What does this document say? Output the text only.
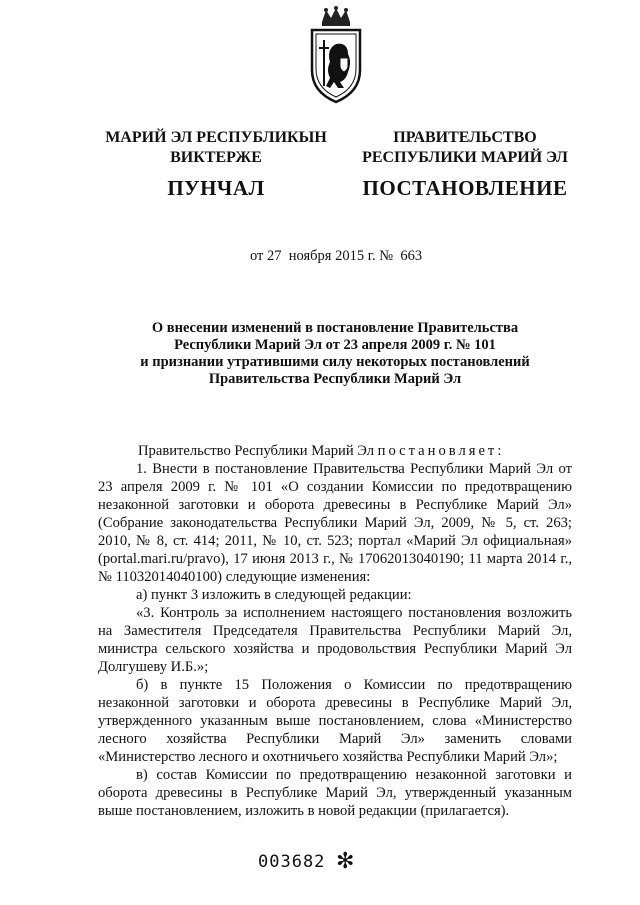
МАРИЙ ЭЛ РЕСПУБЛИКЫН
ВИКТЕРЖЕ
ПРАВИТЕЛЬСТВО
РЕСПУБЛИКИ МАРИЙ ЭЛ
ПУНЧАЛ	ПОСТАНОВЛЕНИЕ
от 27 ноября 2015 г. № 663
О внесении изменений в постановление Правительства
Республики Марий Эл от 23 апреля 2009 г. № 101
и признании утратившими силу некоторых постановлений
Правительства Республики Марий Эл

Правительство Республики Марий Эл постановляет:

1. Внести в постановление Правительства Республики Марий Эл от 23 апреля 2009 г. № 101 «О создании Комиссии по предотвращению незаконной заготовки и оборота древесины в Республике Марий Эл» (Собрание законодательства Республики Марий Эл, 2009, № 5, ст. 263; 2010, № 8, ст. 414; 2011, № 10, ст. 523; портал «Марий Эл официальная» (portal.mari.ru/pravo), 17 июня 2013 г., № 17062013040190; 11 марта 2014 г., № 11032014040100) следующие изменения:

а) пункт 3 изложить в следующей редакции:

«3. Контроль за исполнением настоящего постановления возложить на Заместителя Председателя Правительства Республики Марий Эл, министра сельского хозяйства и продовольствия Республики Марий Эл Долгушеву И.Б.»;

б) в пункте 15 Положения о Комиссии по предотвращению незаконной заготовки и оборота древесины в Республике Марий Эл, утвержденного указанным выше постановлением, слова «Министерство лесного хозяйства Республики Марий Эл» заменить словами «Министерство лесного и охотничьего хозяйства Республики Марий Эл»;

в) состав Комиссии по предотвращению незаконной заготовки и оборота древесины в Республике Марий Эл, утвержденный указанным выше постановлением, изложить в новой редакции (прилагается).

003682 ✻
